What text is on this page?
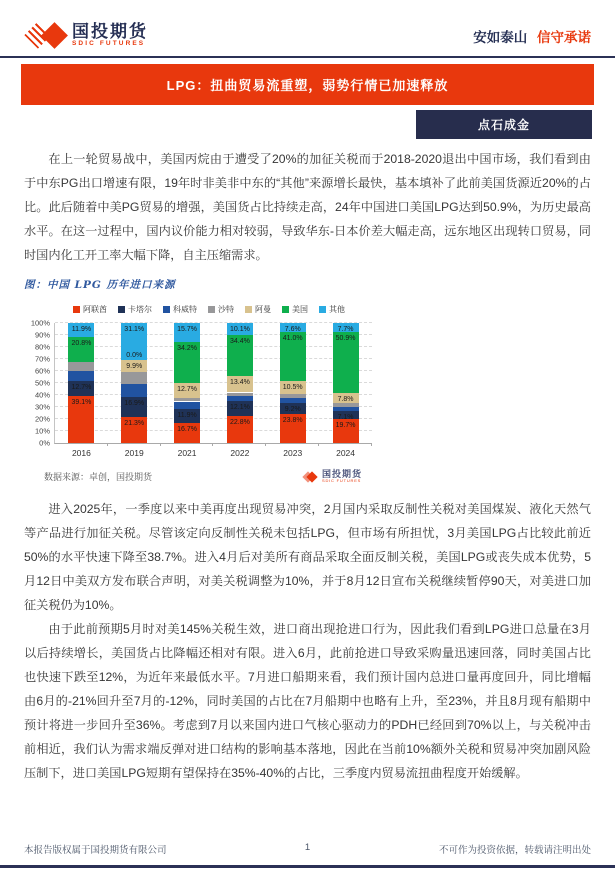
国投期货
SDIC FUTURES	安如泰山 信守承诺
LPG：扭曲贸易流重塑，弱势行情已加速释放
点石成金

在上一轮贸易战中，美国丙烷由于遭受了20%的加征关税而于2018-2020退出中国市场，我们看到由于中东PG出口增速有限，19年时非美非中东的“其他”来源增长最快，基本填补了此前美国货源近20%的占比。此后随着中美PG贸易的增强，美国货占比持续走高，24年中国进口美国LPG达到50.9%，为历史最高水平。在这一过程中，国内议价能力相对较弱，导致华东-日本价差大幅走高，远东地区出现转口贸易，同时国内化工开工率大幅下降，自主压缩需求。

图：中国 LPG 历年进口来源
阿联酋	卡塔尔	科威特	沙特	阿曼	美国	其他
0%
10%
20%
30%
40%
50%
60%
70%
80%
90%
100%
39.1%
12.7%
20.8%
11.9%
2016
21.3%
16.9%
9.9%
0.0%
31.1%
2019
16.7%
11.9%
12.7%
34.2%
15.7%
2021
22.8%
12.1%
13.4%
34.4%
10.1%
2022
23.8%
9.2%
10.5%
41.0%
7.6%
2023
19.7%
7.1%
7.8%
50.9%
7.7%
2024
数据来源：卓创，国投期货	国投期货
SDIC FUTURES

进入2025年，一季度以来中美再度出现贸易冲突，2月国内采取反制性关税对美国煤炭、液化天然气等产品进行加征关税。尽管该定向反制性关税未包括LPG，但市场有所担忧，3月美国LPG占比较此前近50%的水平快速下降至38.7%。进入4月后对美所有商品采取全面反制关税，美国LPG或丧失成本优势，5月12日中美双方发布联合声明，对美关税调整为10%，并于8月12日宣布关税继续暂停90天，对美进口加征关税仍为10%。

由于此前预期5月时对美145%关税生效，进口商出现抢进口行为，因此我们看到LPG进口总量在3月以后持续增长，美国货占比降幅还相对有限。进入6月，此前抢进口导致采购量迅速回落，同时美国占比也快速下跌至12%，为近年来最低水平。7月进口船期来看，我们预计国内总进口量再度回升，同比增幅由6月的-21%回升至7月的-12%，同时美国的占比在7月船期中也略有上升，至23%，并且8月现有船期中预计将进一步回升至36%。考虑到7月以来国内进口气核心驱动力的PDH已经回到70%以上，与关税冲击前相近，我们认为需求端反弹对进口结构的影响基本落地，因此在当前10%额外关税和贸易冲突加剧风险压制下，进口美国LPG短期有望保持在35%-40%的占比，三季度内贸易流扭曲程度开始缓解。

本报告版权属于国投期货有限公司	1	不可作为投资依据，转载请注明出处
